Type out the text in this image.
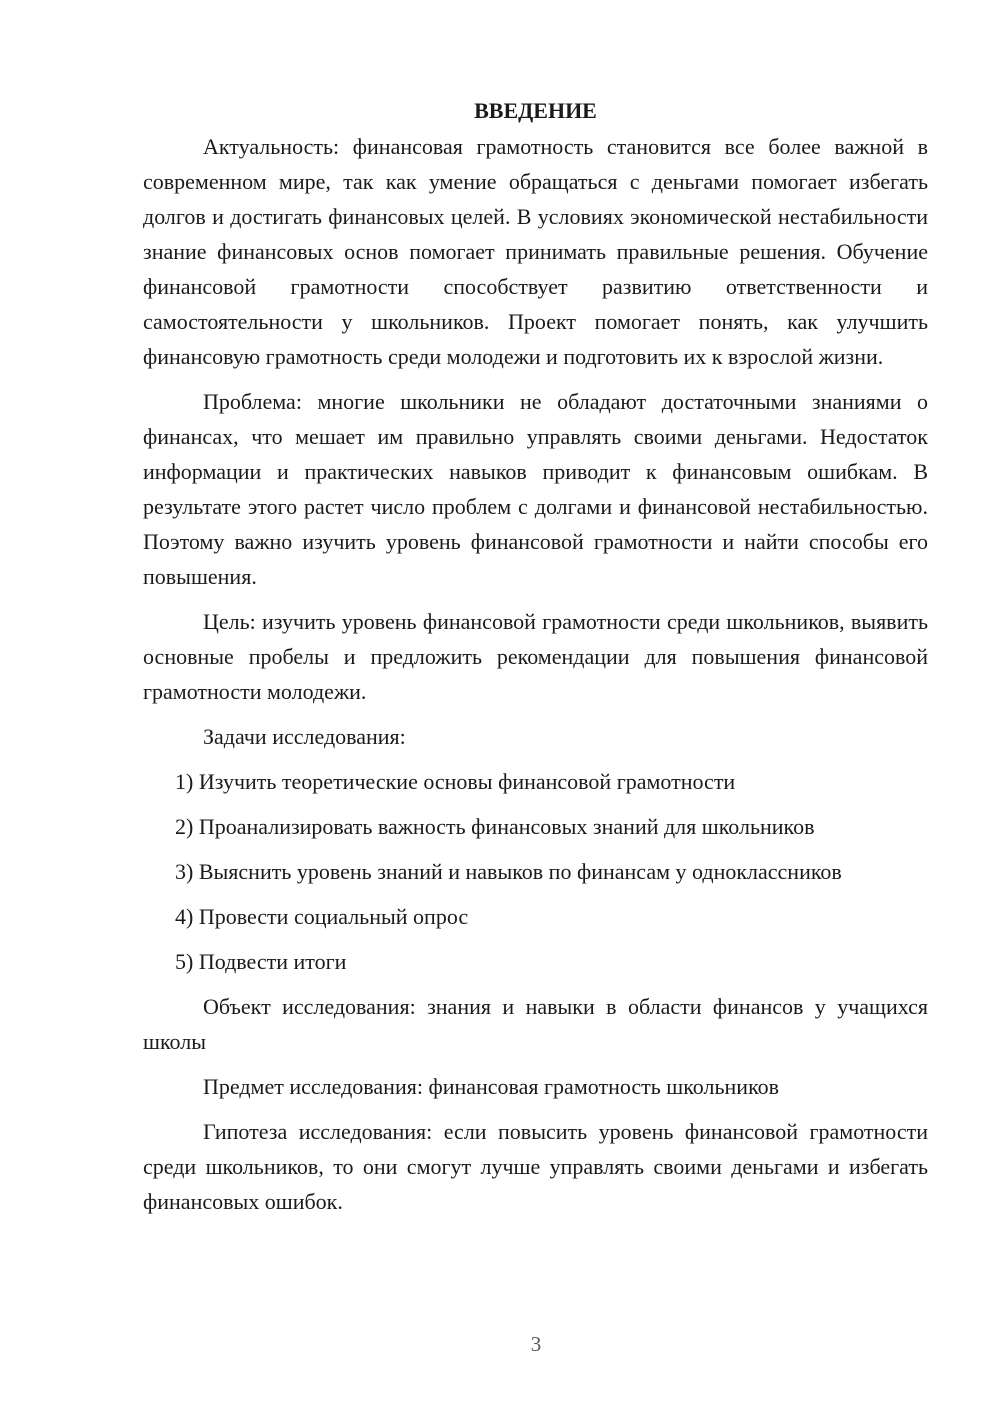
ВВЕДЕНИЕ

Актуальность: финансовая грамотность становится все более важной в современном мире, так как умение обращаться с деньгами помогает избегать долгов и достигать финансовых целей. В условиях экономической нестабильности знание финансовых основ помогает принимать правильные решения. Обучение финансовой грамотности способствует развитию ответственности и самостоятельности у школьников. Проект помогает понять, как улучшить финансовую грамотность среди молодежи и подготовить их к взрослой жизни.

Проблема: многие школьники не обладают достаточными знаниями о финансах, что мешает им правильно управлять своими деньгами. Недостаток информации и практических навыков приводит к финансовым ошибкам. В результате этого растет число проблем с долгами и финансовой нестабильностью. Поэтому важно изучить уровень финансовой грамотности и найти способы его повышения.

Цель: изучить уровень финансовой грамотности среди школьников, выявить основные пробелы и предложить рекомендации для повышения финансовой грамотности молодежи.

Задачи исследования:

1) Изучить теоретические основы финансовой грамотности
2) Проанализировать важность финансовых знаний для школьников
3) Выяснить уровень знаний и навыков по финансам у одноклассников
4) Провести социальный опрос
5) Подвести итоги

Объект исследования: знания и навыки в области финансов у учащихся школы

Предмет исследования: финансовая грамотность школьников

Гипотеза исследования: если повысить уровень финансовой грамотности среди школьников, то они смогут лучше управлять своими деньгами и избегать финансовых ошибок.

3
